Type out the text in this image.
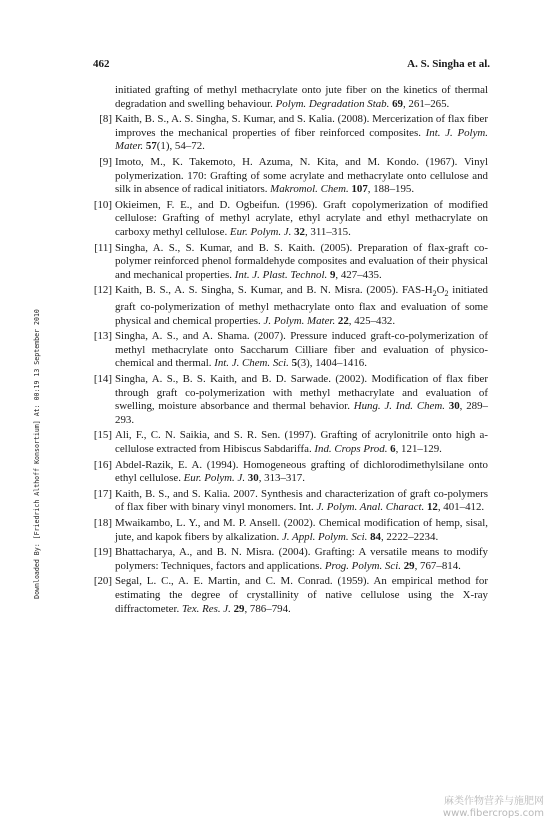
462	A. S. Singha et al.
Downloaded By: [Friedrich Althoff Konsortium] At: 00:19 13 September 2010
initiated grafting of methyl methacrylate onto jute fiber on the kinetics of thermal degradation and swelling behaviour. Polym. Degradation Stab. 69, 261–265.
[8] Kaith, B. S., A. S. Singha, S. Kumar, and S. Kalia. (2008). Mercerization of flax fiber improves the mechanical properties of fiber reinforced composites. Int. J. Polym. Mater. 57(1), 54–72.
[9] Imoto, M., K. Takemoto, H. Azuma, N. Kita, and M. Kondo. (1967). Vinyl polymerization. 170: Grafting of some acrylate and methacrylate onto cellulose and silk in absence of radical initiators. Makromol. Chem. 107, 188–195.
[10] Okieimen, F. E., and D. Ogbeifun. (1996). Graft copolymerization of modified cellulose: Grafting of methyl acrylate, ethyl acrylate and ethyl methacrylate on carboxy methyl cellulose. Eur. Polym. J. 32, 311–315.
[11] Singha, A. S., S. Kumar, and B. S. Kaith. (2005). Preparation of flax-graft co-polymer reinforced phenol formaldehyde composites and evaluation of their physical and mechanical properties. Int. J. Plast. Technol. 9, 427–435.
[12] Kaith, B. S., A. S. Singha, S. Kumar, and B. N. Misra. (2005). FAS-$H_2O_2$ initiated graft co-polymerization of methyl methacrylate onto flax and evaluation of some physical and chemical properties. J. Polym. Mater. 22, 425–432.
[13] Singha, A. S., and A. Shama. (2007). Pressure induced graft-co-polymerization of methyl methacrylate onto Saccharum Cilliare fiber and evaluation of physico-chemical and thermal. Int. J. Chem. Sci. 5(3), 1404–1416.
[14] Singha, A. S., B. S. Kaith, and B. D. Sarwade. (2002). Modification of flax fiber through graft co-polymerization with methyl methacrylate and evaluation of swelling, moisture absorbance and thermal behavior. Hung. J. Ind. Chem. 30, 289–293.
[15] Ali, F., C. N. Saikia, and S. R. Sen. (1997). Grafting of acrylonitrile onto high a-cellulose extracted from Hibiscus Sabdariffa. Ind. Crops Prod. 6, 121–129.
[16] Abdel-Razik, E. A. (1994). Homogeneous grafting of dichlorodimethylsilane onto ethyl cellulose. Eur. Polym. J. 30, 313–317.
[17] Kaith, B. S., and S. Kalia. 2007. Synthesis and characterization of graft co-polymers of flax fiber with binary vinyl monomers. Int. J. Polym. Anal. Charact. 12, 401–412.
[18] Mwaikambo, L. Y., and M. P. Ansell. (2002). Chemical modification of hemp, sisal, jute, and kapok fibers by alkalization. J. Appl. Polym. Sci. 84, 2222–2234.
[19] Bhattacharya, A., and B. N. Misra. (2004). Grafting: A versatile means to modify polymers: Techniques, factors and applications. Prog. Polym. Sci. 29, 767–814.
[20] Segal, L. C., A. E. Martin, and C. M. Conrad. (1959). An empirical method for estimating the degree of crystallinity of native cellulose using the X-ray diffractometer. Tex. Res. J. 29, 786–794.
麻类作物营养与施肥网
www.fibercrops.com
